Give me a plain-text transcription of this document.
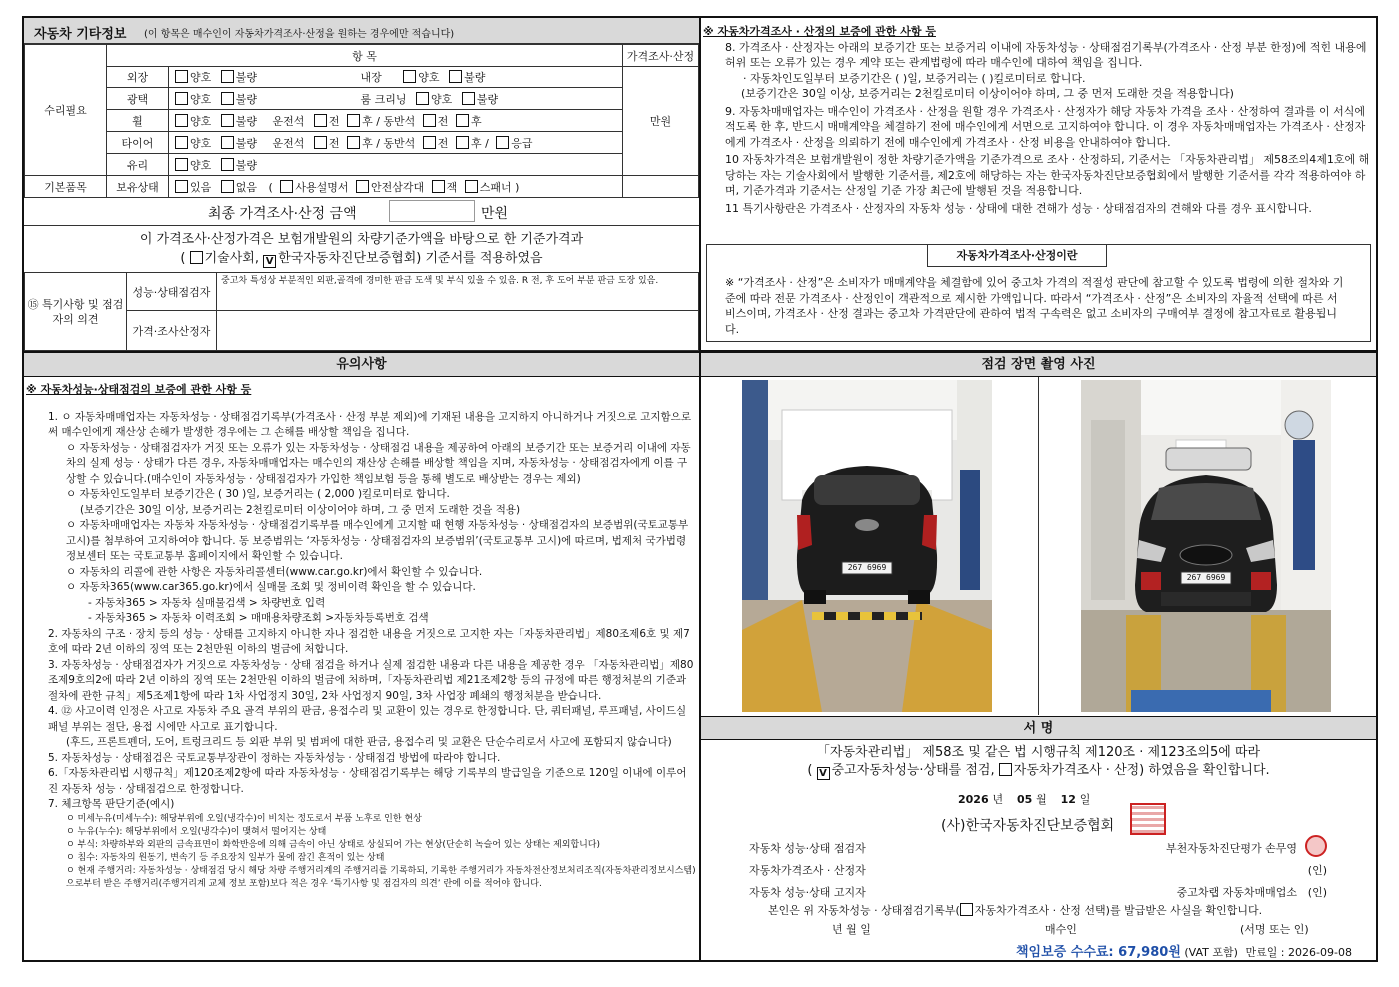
자동차 기타정보 (이 항목은 매수인이 자동차가격조사·산정을 원하는 경우에만 적습니다)
수리필요	항 목		가격조사·산정
	외장	양호 불량 내장 양호 불량	만원
	광택	양호 불량 룸 크리닝 양호 불량	
	휠	양호 불량 운전석 전 후 / 동반석 전 후	
	타이어	양호 불량 운전석 전 후 / 동반석 전 후 / 응급	
	유리	양호 불량	
기본품목	보유상태	있음 없음 ( 사용설명서 안전삼각대 잭 스패너 )	
최종 가격조사·산정 금액	만원
이 가격조사·산정가격은 보험개발원의 차량기준가액을 바탕으로 한 기준가격과
( 기술사회, V 한국자동차진단보증협회) 기준서를 적용하였음
⑮ 특기사항 및 점검자의 의견	성능·상태점검자	중고차 특성상 부분적인 외판,골격에 경미한 판금 도색 및 부식 있을 수 있음. R 전, 후 도어 부분 판금 도장 있음.
	가격·조사산정자	
※ 자동차가격조사 · 산정의 보증에 관한 사항 등
8. 가격조사 · 산정자는 아래의 보증기간 또는 보증거리 이내에 자동차성능 · 상태점검기록부(가격조사 · 산정 부분 한정)에 적힌 내용에 허위 또는 오류가 있는 경우 계약 또는 관계법령에 따라 매수인에 대하여 책임을 집니다.
· 자동차인도일부터 보증기간은 ( )일, 보증거리는 ( )킬로미터로 합니다.
(보증기간은 30일 이상, 보증거리는 2천킬로미터 이상이어야 하며, 그 중 먼저 도래한 것을 적용합니다)
9. 자동차매매업자는 매수인이 가격조사 · 산정을 원할 경우 가격조사 · 산정자가 해당 자동차 가격을 조사 · 산정하여 결과를 이 서식에 적도록 한 후, 반드시 매매계약을 체결하기 전에 매수인에게 서면으로 고지하여야 합니다. 이 경우 자동차매매업자는 가격조사 · 산정자에게 가격조사 · 산정을 의뢰하기 전에 매수인에게 가격조사 · 산정 비용을 안내하여야 합니다.
10 자동차가격은 보험개발원이 정한 차량기준가액을 기준가격으로 조사 · 산정하되, 기준서는 「자동차관리법」 제58조의4제1호에 해당하는 자는 기술사회에서 발행한 기준서를, 제2호에 해당하는 자는 한국자동차진단보증협회에서 발행한 기준서를 각각 적용하여야 하며, 기준가격과 기준서는 산정일 기준 가장 최근에 발행된 것을 적용합니다.
11 특기사항란은 가격조사 · 산정자의 자동차 성능 · 상태에 대한 견해가 성능 · 상태점검자의 견해와 다를 경우 표시합니다.
자동차가격조사·산정이란
※ “가격조사 · 산정”은 소비자가 매매계약을 체결함에 있어 중고차 가격의 적절성 판단에 참고할 수 있도록 법령에 의한 절차와 기준에 따라 전문 가격조사 · 산정인이 객관적으로 제시한 가액입니다. 따라서 “가격조사 · 산정”은 소비자의 자율적 선택에 따른 서비스이며, 가격조사 · 산정 결과는 중고차 가격판단에 관하여 법적 구속력은 없고 소비자의 구매여부 결정에 참고자료로 활용됩니다.
유의사항
※ 자동차성능·상태점검의 보증에 관한 사항 등
1. ㅇ 자동차매매업자는 자동차성능 · 상태점검기록부(가격조사 · 산정 부분 제외)에 기재된 내용을 고지하지 아니하거나 거짓으로 고지함으로써 매수인에게 재산상 손해가 발생한 경우에는 그 손해를 배상할 책임을 집니다.
ㅇ 자동차성능 · 상태점검자가 거짓 또는 오류가 있는 자동차성능 · 상태점검 내용을 제공하여 아래의 보증기간 또는 보증거리 이내에 자동차의 실제 성능 · 상태가 다른 경우, 자동차매매업자는 매수인의 재산상 손해를 배상할 책임을 지며, 자동차성능 · 상태점검자에게 이를 구상할 수 있습니다.(매수인이 자동차성능 · 상태점검자가 가입한 책임보험 등을 통해 별도로 배상받는 경우는 제외)
ㅇ 자동차인도일부터 보증기간은 ( 30 )일, 보증거리는 ( 2,000 )킬로미터로 합니다.
(보증기간은 30일 이상, 보증거리는 2천킬로미터 이상이어야 하며, 그 중 먼저 도래한 것을 적용)
ㅇ 자동차매매업자는 자동차 자동차성능 · 상태점검기록부를 매수인에게 고지할 때 현행 자동차성능 · 상태점검자의 보증범위(국토교통부 고시)를 첨부하여 고지하여야 합니다. 동 보증범위는 ‘자동차성능 · 상태점검자의 보증범위’(국토교통부 고시)에 따르며, 법제처 국가법령정보센터 또는 국토교통부 홈페이지에서 확인할 수 있습니다.
ㅇ 자동차의 리콜에 관한 사항은 자동차리콜센터(www.car.go.kr)에서 확인할 수 있습니다.
ㅇ 자동차365(www.car365.go.kr)에서 실매물 조회 및 정비이력 확인을 할 수 있습니다.
- 자동차365 > 자동차 실매물검색 > 차량번호 입력
- 자동차365 > 자동차 이력조회 > 매매용차량조회 >자동차등록번호 검색
2. 자동차의 구조 · 장치 등의 성능 · 상태를 고지하지 아니한 자나 점검한 내용을 거짓으로 고지한 자는「자동차관리법」제80조제6호 및 제7호에 따라 2년 이하의 징역 또는 2천만원 이하의 벌금에 처합니다.
3. 자동차성능 · 상태점검자가 거짓으로 자동차성능 · 상태 점검을 하거나 실제 점검한 내용과 다른 내용을 제공한 경우 「자동차관리법」제80조제9호의2에 따라 2년 이하의 징역 또는 2천만원 이하의 벌금에 처하며,「자동차관리법 제21조제2항 등의 규정에 따른 행정처분의 기준과 절차에 관한 규칙」제5조제1항에 따라 1차 사업정지 30일, 2차 사업정지 90일, 3차 사업장 폐쇄의 행정처분을 받습니다.
4. ⑫ 사고이력 인정은 사고로 자동차 주요 골격 부위의 판금, 용접수리 및 교환이 있는 경우로 한정합니다. 단, 쿼터패널, 루프패널, 사이드실패널 부위는 절단, 용접 시에만 사고로 표기합니다.
(후드, 프론트펜더, 도어, 트렁크리드 등 외판 부위 및 범퍼에 대한 판금, 용접수리 및 교환은 단순수리로서 사고에 포함되지 않습니다)
5. 자동차성능 · 상태점검은 국토교통부장관이 정하는 자동차성능 · 상태점검 방법에 따라야 합니다.
6.「자동차관리법 시행규칙」제120조제2항에 따라 자동차성능 · 상태점검기록부는 해당 기록부의 발급일을 기준으로 120일 이내에 이루어진 자동차 성능 · 상태점검으로 한정합니다.
7. 체크항목 판단기준(예시)
ㅇ 미세누유(미세누수): 해당부위에 오일(냉각수)이 비치는 정도로서 부품 노후로 인한 현상
ㅇ 누유(누수): 해당부위에서 오일(냉각수)이 맺혀서 떨어지는 상태
ㅇ 부식: 차량하부와 외판의 금속표면이 화학반응에 의해 금속이 아닌 상태로 상실되어 가는 현상(단순히 녹슬어 있는 상태는 제외합니다)
ㅇ 침수: 자동차의 원동기, 변속기 등 주요장치 일부가 물에 잠긴 흔적이 있는 상태
ㅇ 현재 주행거리: 자동차성능 · 상태점검 당시 해당 차량 주행거리계의 주행거리를 기록하되, 기록한 주행거리가 자동차전산정보처리조직(자동차관리정보시스템)으로부터 받은 주행거리(주행거리계 교체 정보 포함)보다 적은 경우 ‘특기사항 및 점검자의 의견’ 란에 이를 적어야 합니다.
점검 장면 촬영 사진
267 6969
267 6969
서 명
「자동차관리법」 제58조 및 같은 법 시행규칙 제120조 · 제123조의5에 따라
( V 중고자동차성능·상태를 점검, 자동차가격조사 · 산정) 하였음을 확인합니다.
2026 년 05 월 12 일
(사)한국자동차진단보증협회
자동차 성능·상태 점검자	부천자동차진단평가 손무영
자동차가격조사 · 산정자	(인)
자동차 성능·상태 고지자	중고차랩 자동차매매업소 (인)
본인은 위 자동차성능 · 상태점검기록부( 자동차가격조사 · 산정 선택)를 발급받은 사실을 확인합니다.
년 월 일	매수인	(서명 또는 인)
책임보증 수수료: 67,980원 (VAT 포함) 만료일 : 2026-09-08
